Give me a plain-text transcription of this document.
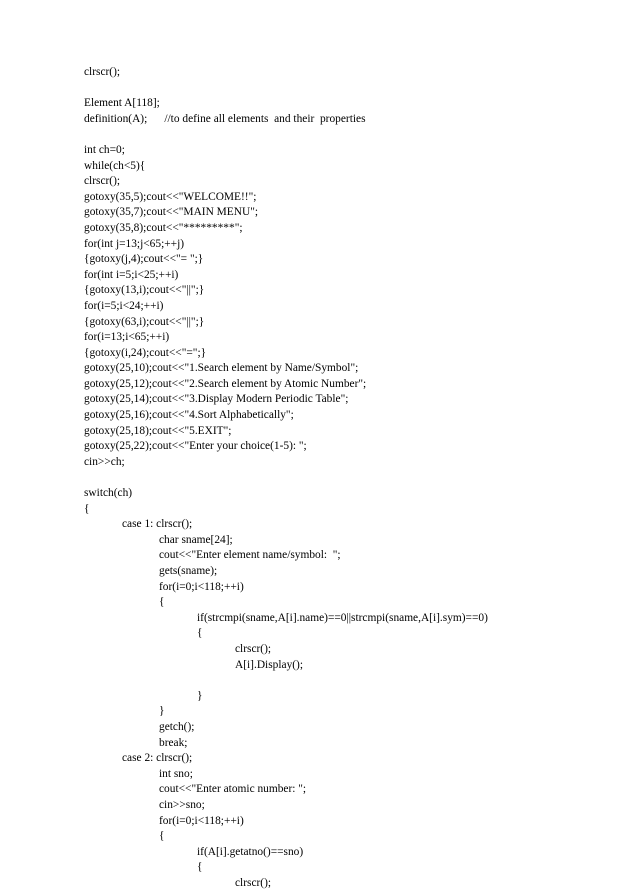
clrscr();
Element A[118];
definition(A);      //to define all elements  and their  properties
int ch=0;
while(ch<5){
clrscr();
gotoxy(35,5);cout<<"WELCOME!!";
gotoxy(35,7);cout<<"MAIN MENU";
gotoxy(35,8);cout<<"*********";
for(int j=13;j<65;++j)
{gotoxy(j,4);cout<<"= ";}
for(int i=5;i<25;++i)
{gotoxy(13,i);cout<<"||";}
for(i=5;i<24;++i)
{gotoxy(63,i);cout<<"||";}
for(i=13;i<65;++i)
{gotoxy(i,24);cout<<"=";}
gotoxy(25,10);cout<<"1.Search element by Name/Symbol";
gotoxy(25,12);cout<<"2.Search element by Atomic Number";
gotoxy(25,14);cout<<"3.Display Modern Periodic Table";
gotoxy(25,16);cout<<"4.Sort Alphabetically";
gotoxy(25,18);cout<<"5.EXIT";
gotoxy(25,22);cout<<"Enter your choice(1-5): ";
cin>>ch;
switch(ch)
{
case 1: clrscr();
char sname[24];
cout<<"Enter element name/symbol:  ";
gets(sname);
for(i=0;i<118;++i)
{
if(strcmpi(sname,A[i].name)==0||strcmpi(sname,A[i].sym)==0)
{
clrscr();
A[i].Display();
}
}
getch();
break;
case 2: clrscr();
int sno;
cout<<"Enter atomic number: ";
cin>>sno;
for(i=0;i<118;++i)
{
if(A[i].getatno()==sno)
{
clrscr();
